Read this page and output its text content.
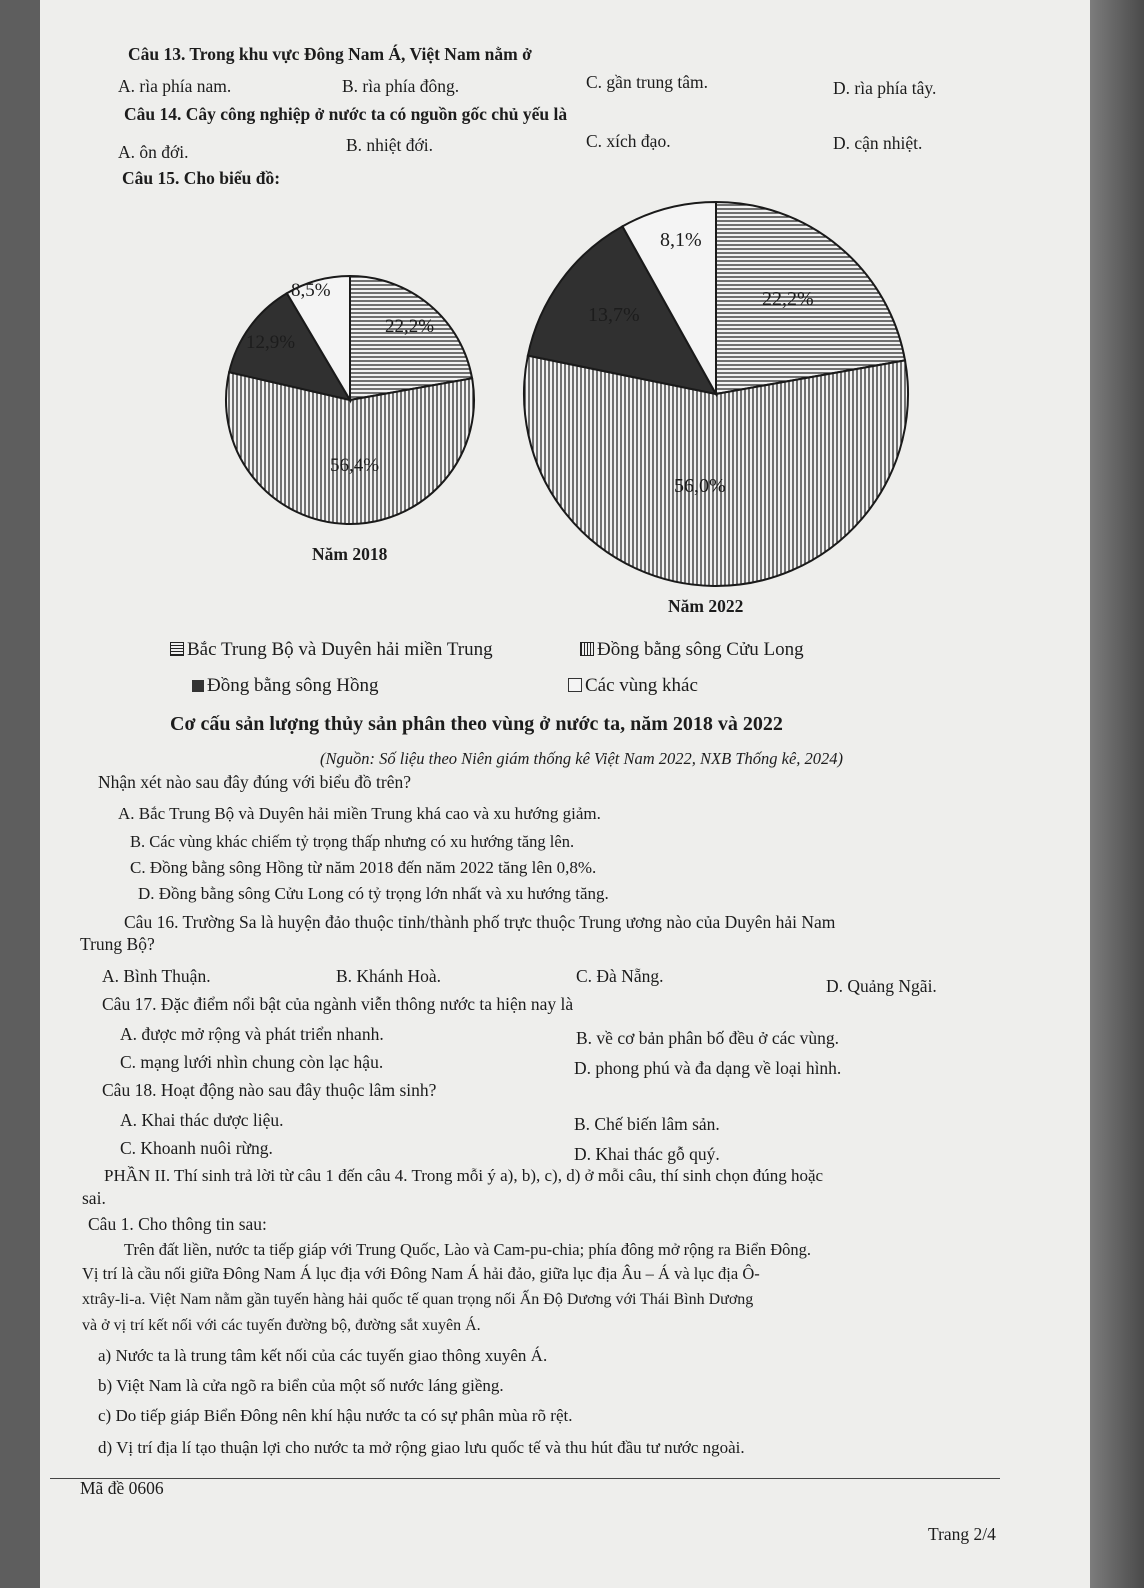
Câu 13. Trong khu vực Đông Nam Á, Việt Nam nằm ở
A. rìa phía nam.	B. rìa phía đông.	C. gần trung tâm.	D. rìa phía tây.
Câu 14. Cây công nghiệp ở nước ta có nguồn gốc chủ yếu là
A. ôn đới.	B. nhiệt đới.	C. xích đạo.	D. cận nhiệt.
Câu 15. Cho biểu đồ:
8,5%
12,9%
22,2%
56,4%
Năm 2018
8,1%
13,7%
22,2%
56,0%
Năm 2022
Bắc Trung Bộ và Duyên hải miền Trung	Đồng bằng sông Cửu Long
Đồng bằng sông Hồng	Các vùng khác
Cơ cấu sản lượng thủy sản phân theo vùng ở nước ta, năm 2018 và 2022
(Nguồn: Số liệu theo Niên giám thống kê Việt Nam 2022, NXB Thống kê, 2024)
Nhận xét nào sau đây đúng với biểu đồ trên?
A. Bắc Trung Bộ và Duyên hải miền Trung khá cao và xu hướng giảm.
B. Các vùng khác chiếm tỷ trọng thấp nhưng có xu hướng tăng lên.
C. Đồng bằng sông Hồng từ năm 2018 đến năm 2022 tăng lên 0,8%.
D. Đồng bằng sông Cửu Long có tỷ trọng lớn nhất và xu hướng tăng.
Câu 16. Trường Sa là huyện đảo thuộc tỉnh/thành phố trực thuộc Trung ương nào của Duyên hải Nam
Trung Bộ?
A. Bình Thuận.	B. Khánh Hoà.	C. Đà Nẵng.	D. Quảng Ngãi.
Câu 17. Đặc điểm nổi bật của ngành viễn thông nước ta hiện nay là
A. được mở rộng và phát triển nhanh.	B. về cơ bản phân bố đều ở các vùng.
C. mạng lưới nhìn chung còn lạc hậu.	D. phong phú và đa dạng về loại hình.
Câu 18. Hoạt động nào sau đây thuộc lâm sinh?
A. Khai thác dược liệu.	B. Chế biến lâm sản.
C. Khoanh nuôi rừng.	D. Khai thác gỗ quý.
PHẦN II. Thí sinh trả lời từ câu 1 đến câu 4. Trong mỗi ý a), b), c), d) ở mỗi câu, thí sinh chọn đúng hoặc
sai.
Câu 1. Cho thông tin sau:
Trên đất liền, nước ta tiếp giáp với Trung Quốc, Lào và Cam-pu-chia; phía đông mở rộng ra Biển Đông.
Vị trí là cầu nối giữa Đông Nam Á lục địa với Đông Nam Á hải đảo, giữa lục địa Âu – Á và lục địa Ô-
xtrây-li-a. Việt Nam nằm gần tuyến hàng hải quốc tế quan trọng nối Ấn Độ Dương với Thái Bình Dương
và ở vị trí kết nối với các tuyến đường bộ, đường sắt xuyên Á.
a) Nước ta là trung tâm kết nối của các tuyến giao thông xuyên Á.
b) Việt Nam là cửa ngõ ra biển của một số nước láng giềng.
c) Do tiếp giáp Biển Đông nên khí hậu nước ta có sự phân mùa rõ rệt.
d) Vị trí địa lí tạo thuận lợi cho nước ta mở rộng giao lưu quốc tế và thu hút đầu tư nước ngoài.
Mã đề 0606
Trang 2/4
